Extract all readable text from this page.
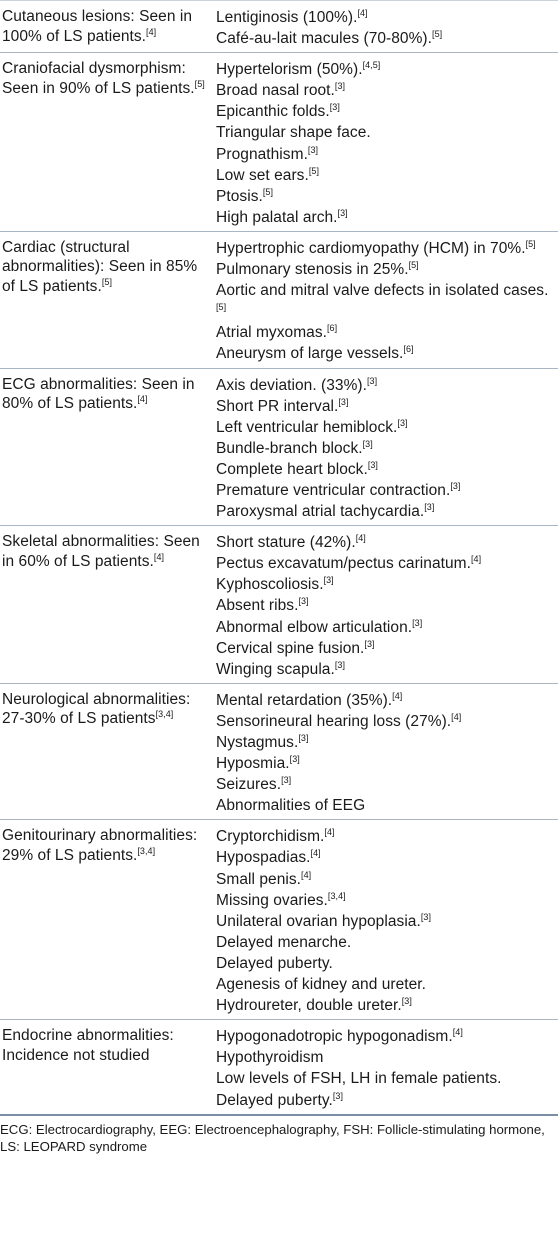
Cutaneous lesions: Seen in 100% of LS patients.[4]
Lentiginosis (100%).[4]
Café-au-lait macules (70-80%).[5]
Craniofacial dysmorphism: Seen in 90% of LS patients.[5]
Hypertelorism (50%).[4,5]
Broad nasal root.[3]
Epicanthic folds.[3]
Triangular shape face.
Prognathism.[3]
Low set ears.[5]
Ptosis.[5]
High palatal arch.[3]
Cardiac (structural abnormalities): Seen in 85% of LS patients.[5]
Hypertrophic cardiomyopathy (HCM) in 70%.[5]
Pulmonary stenosis in 25%.[5]
Aortic and mitral valve defects in isolated cases.[5]
Atrial myxomas.[6]
Aneurysm of large vessels.[6]
ECG abnormalities: Seen in 80% of LS patients.[4]
Axis deviation. (33%).[3]
Short PR interval.[3]
Left ventricular hemiblock.[3]
Bundle-branch block.[3]
Complete heart block.[3]
Premature ventricular contraction.[3]
Paroxysmal atrial tachycardia.[3]
Skeletal abnormalities: Seen in 60% of LS patients.[4]
Short stature (42%).[4]
Pectus excavatum/pectus carinatum.[4]
Kyphoscoliosis.[3]
Absent ribs.[3]
Abnormal elbow articulation.[3]
Cervical spine fusion.[3]
Winging scapula.[3]
Neurological abnormalities: 27-30% of LS patients[3,4]
Mental retardation (35%).[4]
Sensorineural hearing loss (27%).[4]
Nystagmus.[3]
Hyposmia.[3]
Seizures.[3]
Abnormalities of EEG
Genitourinary abnormalities: 29% of LS patients.[3,4]
Cryptorchidism.[4]
Hypospadias.[4]
Small penis.[4]
Missing ovaries.[3,4]
Unilateral ovarian hypoplasia.[3]
Delayed menarche.
Delayed puberty.
Agenesis of kidney and ureter.
Hydroureter, double ureter.[3]
Endocrine abnormalities: Incidence not studied
Hypogonadotropic hypogonadism.[4]
Hypothyroidism
Low levels of FSH, LH in female patients.
Delayed puberty.[3]
ECG: Electrocardiography, EEG: Electroencephalography, FSH: Follicle-stimulating hormone, LS: LEOPARD syndrome
